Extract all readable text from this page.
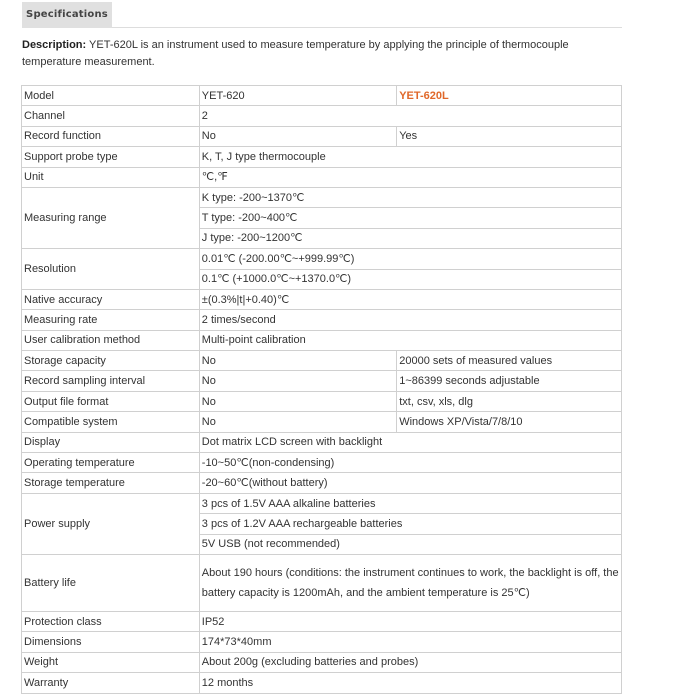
Specifications
Description: YET-620L is an instrument used to measure temperature by applying the principle of thermocouple temperature measurement.
Model	YET-620	YET-620L
Channel	2	
Record function	No	Yes
Support probe type	K, T, J type thermocouple	
Unit	℃,℉	
Measuring range	K type: -200~1370℃	
	T type: -200~400℃	
	J type: -200~1200℃	
Resolution	0.01℃ (-200.00℃~+999.99℃)	
	0.1℃ (+1000.0℃~+1370.0℃)	
Native accuracy	±(0.3%|t|+0.40)℃	
Measuring rate	2 times/second	
User calibration method	Multi-point calibration	
Storage capacity	No	20000 sets of measured values
Record sampling interval	No	1~86399 seconds adjustable
Output file format	No	txt, csv, xls, dlg
Compatible system	No	Windows XP/Vista/7/8/10
Display	Dot matrix LCD screen with backlight	
Operating temperature	-10~50℃(non-condensing)	
Storage temperature	-20~60℃(without battery)	
Power supply	3 pcs of 1.5V AAA alkaline batteries	
	3 pcs of 1.2V AAA rechargeable batteries	
	5V USB (not recommended)	
Battery life	About 190 hours (conditions: the instrument continues to work, the backlight is off, the battery capacity is 1200mAh, and the ambient temperature is 25℃)	
Protection class	IP52	
Dimensions	174*73*40mm	
Weight	About 200g (excluding batteries and probes)	
Warranty	12 months	
